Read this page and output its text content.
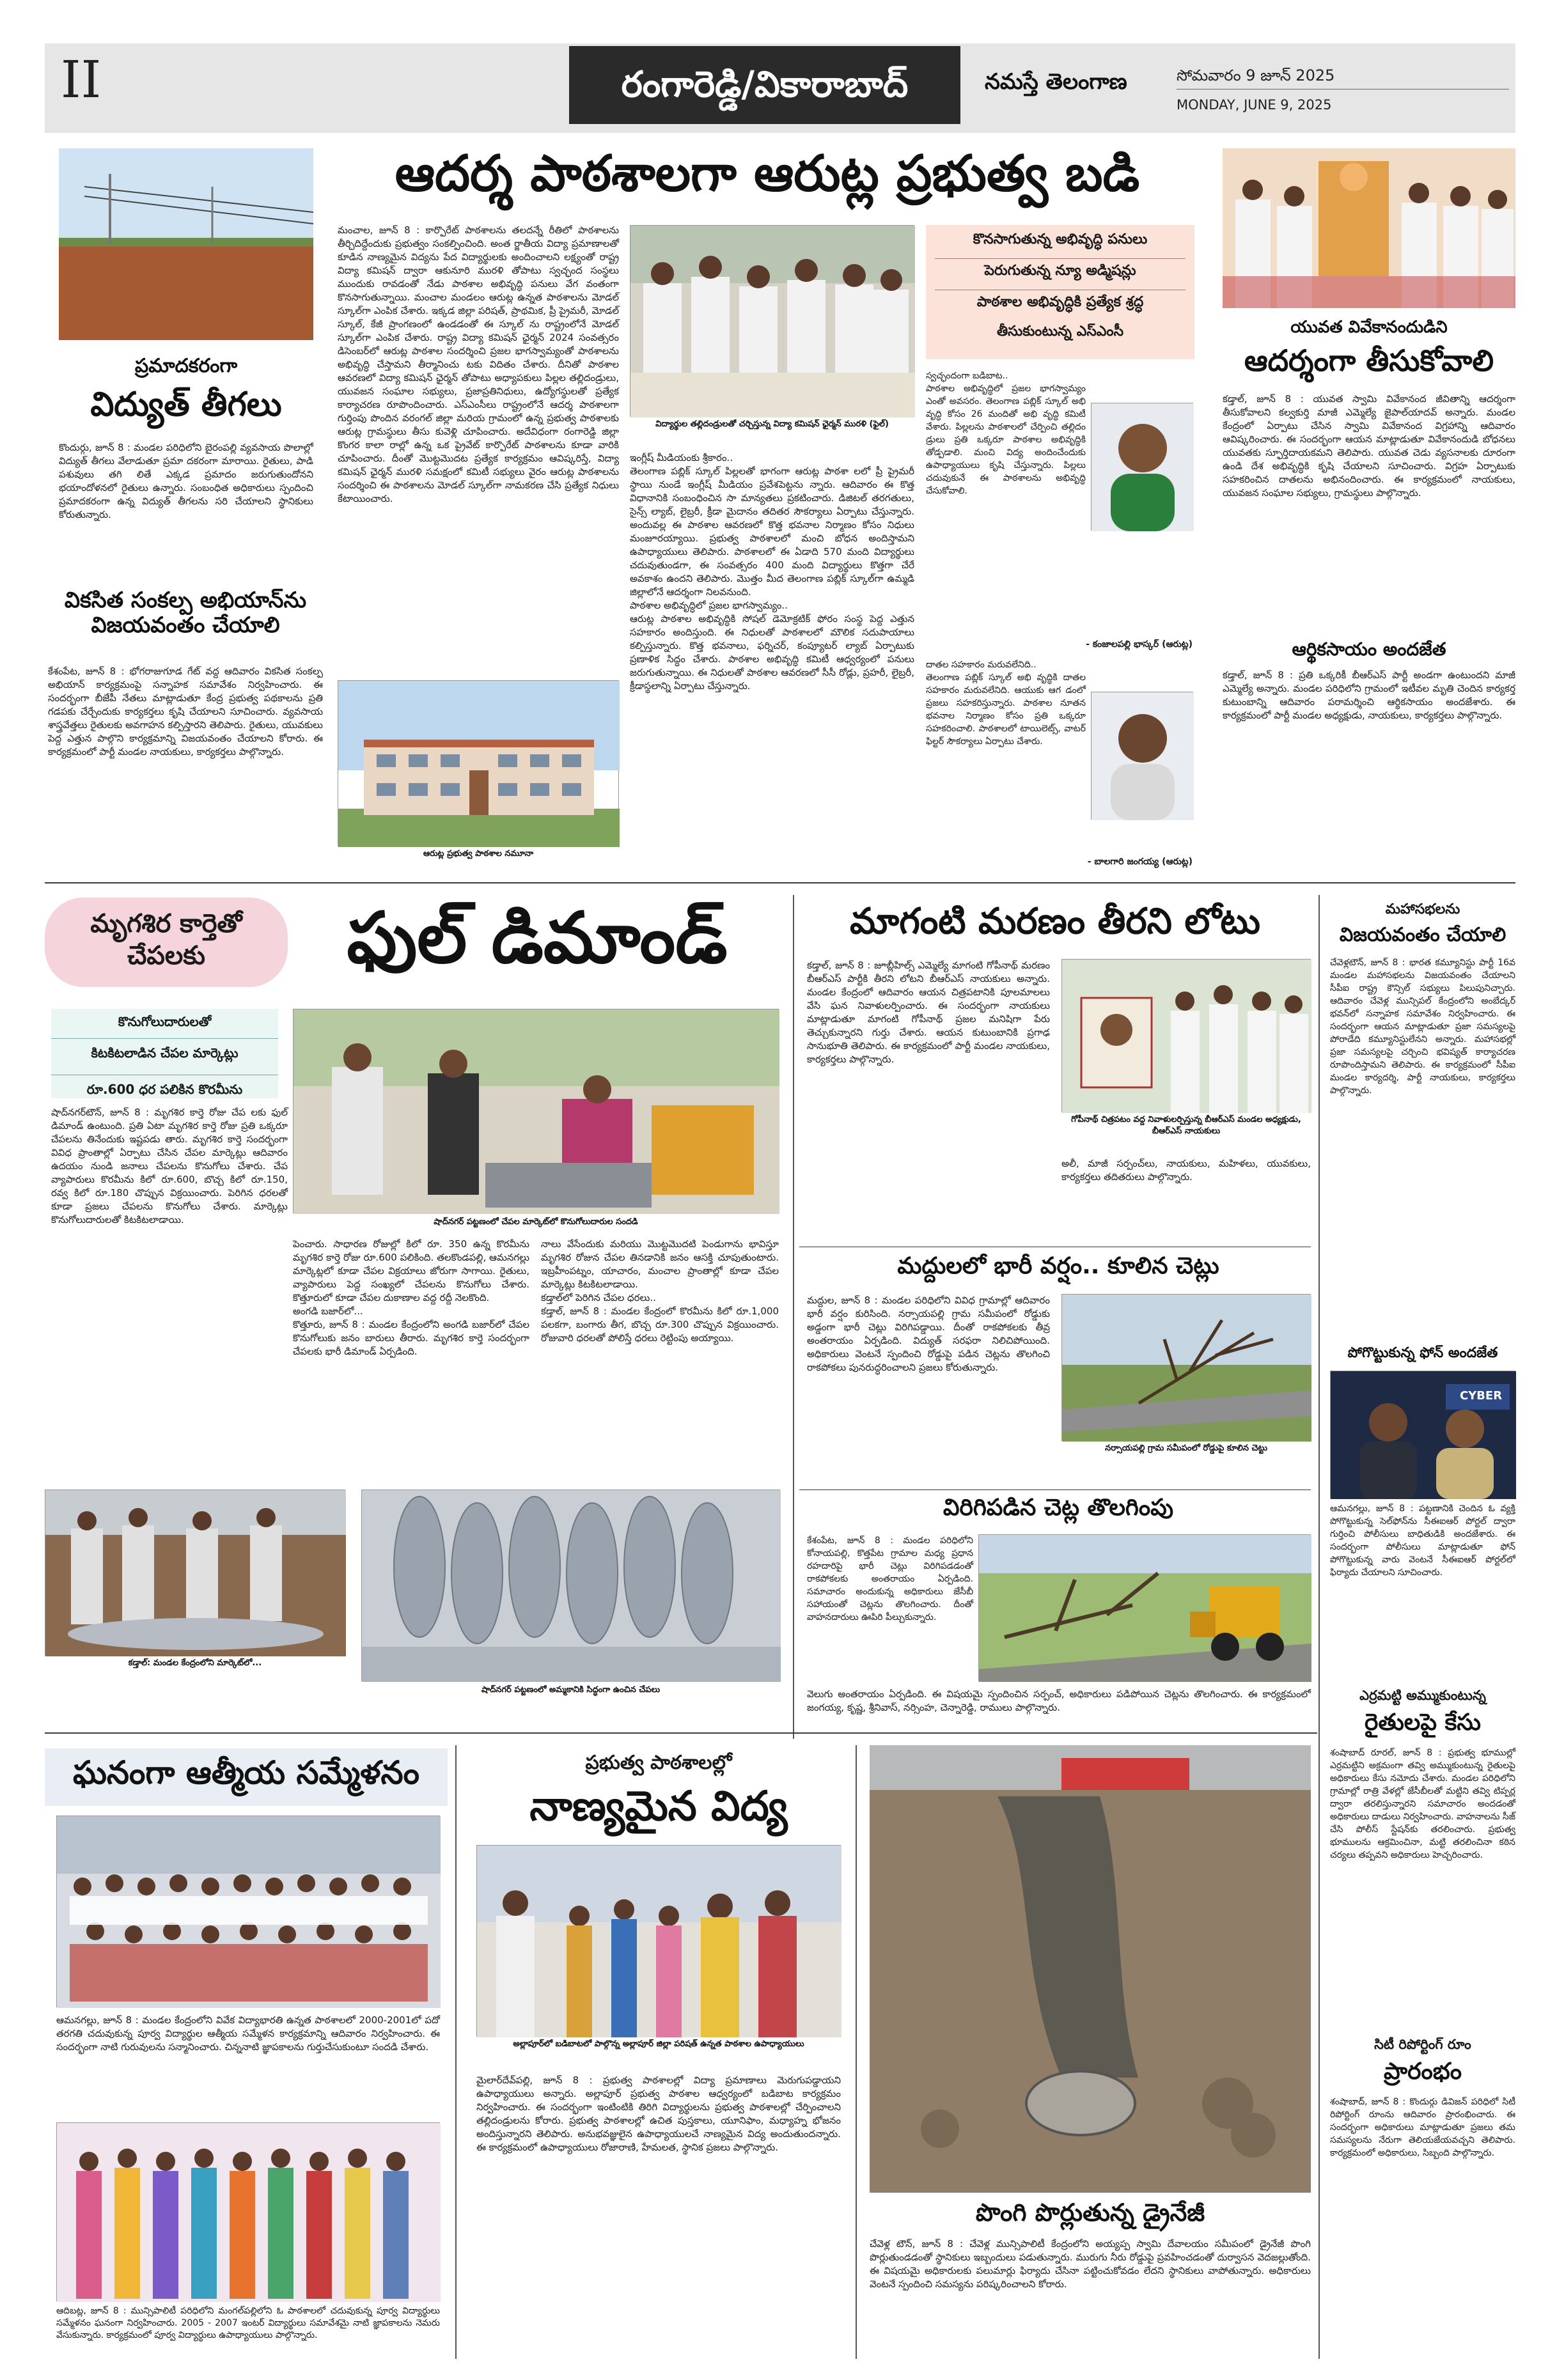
II	రంగారెడ్డి/వికారాబాద్	నమస్తే తెలంగాణ	సోమవారం 9 జూన్ 2025
MONDAY, JUNE 9, 2025
ప్రమాదకరంగా
విద్యుత్ తీగలు
కొందుర్గు, జూన్ 8 : మండల పరిధిలోని బైరంపల్లి వ్యవసాయ పొలాల్లో విద్యుత్ తీగలు వేలాడుతూ ప్రమా దకరంగా మారాయి. రైతులు, పాడి పశువులు తగి లితే ఎక్కడ ప్రమాదం జరుగుతుందోనని భయాందోళనలో రైతులు ఉన్నారు. సంబంధిత అధికారులు స్పందించి ప్రమాదకరంగా ఉన్న విద్యుత్ తీగలను సరి చేయాలని స్థానికులు కోరుతున్నారు.
వికసిత సంకల్ప అభియాన్‌ను విజయవంతం చేయాలి
కేశంపేట, జూన్ 8 : భోగరాజుగూడ గేట్ వద్ద ఆదివారం వికసిత సంకల్ప అభియాన్ కార్యక్రమంపై సన్నాహక సమావేశం నిర్వహించారు. ఈ సందర్భంగా బీజేపీ నేతలు మాట్లాడుతూ కేంద్ర ప్రభుత్వ పథకాలను ప్రతి గడపకు చేర్చేందుకు కార్యకర్తలు కృషి చేయాలని సూచించారు. వ్యవసాయ శాస్త్రవేత్తలు రైతులకు అవగాహన కల్పిస్తారని తెలిపారు. రైతులు, యువకులు పెద్ద ఎత్తున పాల్గొని కార్యక్రమాన్ని విజయవంతం చేయాలని కోరారు. ఈ కార్యక్రమంలో పార్టీ మండల నాయకులు, కార్యకర్తలు పాల్గొన్నారు.
ఆదర్శ పాఠశాలగా ఆరుట్ల ప్రభుత్వ బడి
మంచాల, జూన్ 8 : కార్పొరేట్ పాఠశాలను తలదన్నే రీతిలో పాఠశాలను తీర్చిదిద్దేందుకు ప్రభుత్వం సంకల్పించింది. అంత ర్జాతీయ విద్యా ప్రమాణాలతో కూడిన నాణ్యమైన విద్యను పేద విద్యార్థులకు అందించాలని లక్ష్యంతో రాష్ట్ర విద్యా కమిషన్ ద్వారా ఆకునూరి మురళి తోపాటు స్వచ్ఛంద సంస్థలు ముందుకు రావడంతో నేడు పాఠశాల అభివృద్ధి పనులు వేగ వంతంగా కొనసాగుతున్నాయి. మంచాల మండలం ఆరుట్ల ఉన్నత పాఠశాలను మోడల్ స్కూల్‌గా ఎంపిక చేశారు. ఇక్కడ జిల్లా పరిషత్, ప్రాథమిక, ప్రీ ప్రైమరీ, మోడల్ స్కూల్, కేజీ ప్రాంగణంలో ఉండడంతో ఈ స్కూల్ ను రాష్ట్రంలోనే మోడల్ స్కూల్‌గా ఎంపిక చేశారు. రాష్ట్ర విద్యా కమిషన్ ఛైర్మన్ 2024 సంవత్సరం డిసెంబర్‌లో ఆరుట్ల పాఠశాల సందర్శించి ప్రజల భాగస్వామ్యంతో పాఠశాలను అభివృద్ధి చేస్తామని తీర్మానించు టకు విదితం చేశారు. దీనితో పాఠశాల ఆవరణలో విద్యా కమిషన్ ఛైర్మన్ తోపాటు అధ్యాపకులు పిల్లల తల్లిదండ్రులు, యువజన సంఘాల సభ్యులు, ప్రజాప్రతినిధులు, ఉద్యోగస్థులతో ప్రత్యేక కార్యాచరణ రూపొందించారు. ఎస్‌ఎంసీలు రాష్ట్రంలోనే ఆదర్శ పాఠశాలగా గుర్తింపు పొందిన వరంగల్ జిల్లా మరియ గ్రామంలో ఉన్న ప్రభుత్వ పాఠశాలకు ఆరుట్ల గ్రామస్థులు తీసు కువెళ్లి చూపించారు. అదేవిధంగా రంగారెడ్డి జిల్లా కొంగర కాలా రాల్లో ఉన్న ఒక ప్రైవేట్ కార్పొరేట్ పాఠశాలను కూడా వారికి చూపించారు. దీంతో మొట్టమొదట ప్రత్యేక కార్యక్రమం ఆవిష్కరిస్తే, విద్యా కమిషన్ ఛైర్మన్ మురళి సమక్షంలో కమిటీ సభ్యులు వైరం ఆరుట్ల పాఠశాలను సందర్శించి ఈ పాఠశాలను మోడల్ స్కూల్‌గా నామకరణ చేసి ప్రత్యేక నిధులు కేటాయించారు.
విద్యార్థుల తల్లిదండ్రులతో చర్చిస్తున్న విద్యా కమిషన్ ఛైర్మన్ మురళి (ఫైల్)
ఇంగ్లీష్ మీడియంకు శ్రీకారం..
తెలంగాణ పబ్లిక్ స్కూల్ పిల్లలతో భాగంగా ఆరుట్ల పాఠశా లలో ప్రీ ప్రైమరీ స్థాయి నుండే ఇంగ్లీష్ మీడియం ప్రవేశపెట్టను న్నారు. ఆదివారం ఈ కొత్త విధానానికి సంబంధించిన సా మాన్యతలు ప్రకటించారు. డిజిటల్ తరగతులు, సైన్స్ ల్యాబ్, లైబ్రరీ, క్రీడా మైదానం తదితర సౌకర్యాలు ఏర్పాటు చేస్తున్నారు. అందువల్ల ఈ పాఠశాల ఆవరణలో కొత్త భవనాల నిర్మాణం కోసం నిధులు మంజూరయ్యాయి. ప్రభుత్వ పాఠశాలలో మంచి బోధన అందిస్తామని ఉపాధ్యాయులు తెలిపారు. పాఠశాలలో ఈ ఏడాది 570 మంది విద్యార్థులు చదువుతుండగా, ఈ సంవత్సరం 400 మంది విద్యార్థులు కొత్తగా చేరే అవకాశం ఉందని తెలిపారు. మొత్తం మీద తెలంగాణ పబ్లిక్ స్కూల్‌గా ఉమ్మడి జిల్లాలోనే ఆదర్శంగా నిలవనుంది.
పాఠశాల అభివృద్ధిలో ప్రజల భాగస్వామ్యం..
ఆరుట్ల పాఠశాల అభివృద్ధికి సోషల్ డెమోక్రటిక్ ఫోరం సంస్థ పెద్ద ఎత్తున సహకారం అందిస్తుంది. ఈ నిధులతో పాఠశాలలో మౌలిక సదుపాయాలు కల్పిస్తున్నారు. కొత్త భవనాలు, ఫర్నిచర్, కంప్యూటర్ ల్యాబ్ ఏర్పాటుకు ప్రణాళిక సిద్ధం చేశారు. పాఠశాల అభివృద్ధి కమిటీ ఆధ్వర్యంలో పనులు జరుగుతున్నాయి. ఈ నిధులతో పాఠశాల ఆవరణలో సీసీ రోడ్లు, ప్రహరీ, లైబ్రరీ, క్రీడాస్థలాన్ని ఏర్పాటు చేస్తున్నారు.
ఆరుట్ల ప్రభుత్వ పాఠశాల నమూనా
కొనసాగుతున్న అభివృద్ధి పనులు
పెరుగుతున్న న్యూ అడ్మిషన్లు
పాఠశాల అభివృద్ధికి ప్రత్యేక శ్రద్ధ
తీసుకుంటున్న ఎస్ఎంసీ
స్వచ్ఛందంగా బడిబాట..
పాఠశాల అభివృద్ధిలో ప్రజల భాగస్వామ్యం ఎంతో అవసరం. తెలంగాణ పబ్లిక్ స్కూల్ అభి వృద్ధి కోసం 26 మందితో అభి వృద్ధి కమిటీ వేశారు. పిల్లలను పాఠశాలలో చేర్పించి తల్లిదం డ్రులు ప్రతి ఒక్కరూ పాఠశాల అభివృద్ధికి తోడ్పడాలి. మంచి విద్య అందించేందుకు ఉపాధ్యాయులు కృషి చేస్తున్నారు. పిల్లలు చదువుకునే ఈ పాఠశాలను అభివృద్ధి చేసుకోవాలి.
- కంజాలపల్లి భాస్కర్ (ఆరుట్ల)
దాతల సహకారం మరువలేనిది..
తెలంగాణ పబ్లిక్ స్కూల్ అభి వృద్ధికి దాతల సహకారం మరువలేనిది. ఆయుకు ఆగ డంలో ప్రజలు సహకరిస్తున్నారు. పాఠశాల నూతన భవనాల నిర్మాణం కోసం ప్రతి ఒక్కరూ సహకరించాలి. పాఠశాలలో టాయిలెట్స్, వాటర్ ఫిల్టర్ సౌకర్యాలు ఏర్పాటు చేశారు.
- బాలగారి జంగయ్య (ఆరుట్ల)
యువత వివేకానందుడిని
ఆదర్శంగా తీసుకోవాలి
కడ్తాల్, జూన్ 8 : యువత స్వామి వివేకానంద జీవితాన్ని ఆదర్శంగా తీసుకోవాలని కల్వకుర్తి మాజీ ఎమ్మెల్యే జైపాల్‌యాదవ్ అన్నారు. మండల కేంద్రంలో ఏర్పాటు చేసిన స్వామి వివేకానంద విగ్రహాన్ని ఆదివారం ఆవిష్కరించారు. ఈ సందర్భంగా ఆయన మాట్లాడుతూ వివేకానందుడి బోధనలు యువతకు స్ఫూర్తిదాయకమని తెలిపారు. యువత చెడు వ్యసనాలకు దూరంగా ఉండి దేశ అభివృద్ధికి కృషి చేయాలని సూచించారు. విగ్రహ ఏర్పాటుకు సహకరించిన దాతలను అభినందించారు. ఈ కార్యక్రమంలో నాయకులు, యువజన సంఘాల సభ్యులు, గ్రామస్థులు పాల్గొన్నారు.
ఆర్థికసాయం అందజేత
కడ్తాల్, జూన్ 8 : ప్రతి ఒక్కరికీ బీఆర్ఎస్ పార్టీ అండగా ఉంటుందని మాజీ ఎమ్మెల్యే అన్నారు. మండల పరిధిలోని గ్రామంలో ఇటీవల మృతి చెందిన కార్యకర్త కుటుంబాన్ని ఆదివారం పరామర్శించి ఆర్థికసాయం అందజేశారు. ఈ కార్యక్రమంలో పార్టీ మండల అధ్యక్షుడు, నాయకులు, కార్యకర్తలు పాల్గొన్నారు.
మృగశిర కార్తెతో చేపలకు	ఫుల్ డిమాండ్
కొనుగోలుదారులతో
కిటకిటలాడిన చేపల మార్కెట్లు
రూ.600 ధర పలికిన కొరమీను
షాద్‌నగర్ పట్టణంలో చేపల మార్కెట్‌లో కొనుగోలుదారుల సందడి
షాద్‌నగర్‌టౌన్, జూన్ 8 : మృగశిర కార్తె రోజు చేప లకు ఫుల్ డిమాండ్ ఉంటుంది. ప్రతి ఏటా మృగశిర కార్తె రోజు ప్రతి ఒక్కరూ చేపలను తినేందుకు ఇష్టపడు తారు. మృగశిర కార్తె సందర్భంగా వివిధ ప్రాంతాల్లో ఏర్పాటు చేసిన చేపల మార్కెట్లు ఆదివారం ఉదయం నుండి జనాలు చేపలను కొనుగోలు చేశారు. చేప వ్యాపారులు కొరమీను కిలో రూ.600, బొచ్చ కిలో రూ.150, రవ్వ కిలో రూ.180 చొప్పున విక్రయించారు. పెరిగిన ధరలతో కూడా ప్రజలు చేపలను కొనుగోలు చేశారు. మార్కెట్లు కొనుగోలుదారులతో కిటకిటలాడాయి.
పెంచారు. సాధారణ రోజుల్లో కిలో రూ. 350 ఉన్న కొరమీను మృగశిర కార్తె రోజు రూ.600 పలికింది. తలకొండపల్లి, ఆమనగల్లు మార్కెట్లలో కూడా చేపల విక్రయాలు జోరుగా సాగాయి. రైతులు, వ్యాపారులు పెద్ద సంఖ్యలో చేపలను కొనుగోలు చేశారు. కొత్తూరులో కూడా చేపల దుకాణాల వద్ద రద్దీ నెలకొంది.
అంగడి బజార్‌లో...
కొత్తూరు, జూన్ 8 : మండల కేంద్రంలోని అంగడి బజార్‌లో చేపల కొనుగోలుకు జనం బారులు తీరారు. మృగశిర కార్తె సందర్భంగా చేపలకు భారీ డిమాండ్ ఏర్పడింది.
నాలు వేసేందుకు మరియు మొట్టమొదటి పెండుగాను భావిస్తూ మృగశిర రోజున చేపల తినడానికి జనం ఆసక్తి చూపుతుంటారు. ఇబ్రహీంపట్నం, యాచారం, మంచాల ప్రాంతాల్లో కూడా చేపల మార్కెట్లు కిటకిటలాడాయి.
కడ్తాల్‌లో పెరిగిన చేపల ధరలు..
కడ్తాల్, జూన్ 8 : మండల కేంద్రంలో కొరమీను కిలో రూ.1,000 పలకగా, బంగారు తీగ, బొచ్చ రూ.300 చొప్పున విక్రయించారు. రోజువారి ధరలతో పోలిస్తే ధరలు రెట్టింపు అయ్యాయి.
కడ్తాల్: మండల కేంద్రంలోని మార్కెట్‌లో...
షాద్‌నగర్ పట్టణంలో అమ్మకానికి సిద్ధంగా ఉంచిన చేపలు
మాగంటి మరణం తీరని లోటు
కడ్తాల్, జూన్ 8 : జూబ్లీహిల్స్ ఎమ్మెల్యే మాగంటి గోపీనాథ్ మరణం బీఆర్ఎస్ పార్టీకి తీరని లోటని బీఆర్ఎస్ నాయకులు అన్నారు. మండల కేంద్రంలో ఆదివారం ఆయన చిత్రపటానికి పూలమాలలు వేసి ఘన నివాళులర్పించారు. ఈ సందర్భంగా నాయకులు మాట్లాడుతూ మాగంటి గోపీనాథ్ ప్రజల మనిషిగా పేరు తెచ్చుకున్నారని గుర్తు చేశారు. ఆయన కుటుంబానికి ప్రగాఢ సానుభూతి తెలిపారు. ఈ కార్యక్రమంలో పార్టీ మండల నాయకులు, కార్యకర్తలు పాల్గొన్నారు.
గోపీనాథ్ చిత్రపటం వద్ద నివాళులర్పిస్తున్న బీఆర్ఎస్ మండల అధ్యక్షుడు, బీఆర్ఎస్ నాయకులు
అలీ, మాజీ సర్పంచ్‌లు, నాయకులు, మహిళలు, యువకులు, కార్యకర్తలు తదితరులు పాల్గొన్నారు.
మద్దులలో భారీ వర్షం.. కూలిన చెట్లు
మద్దుల, జూన్ 8 : మండల పరిధిలోని వివిధ గ్రామాల్లో ఆదివారం భారీ వర్షం కురిసింది. నర్సాయపల్లి గ్రామ సమీపంలో రోడ్డుకు అడ్డంగా భారీ చెట్లు విరిగిపడ్డాయి. దీంతో రాకపోకలకు తీవ్ర అంతరాయం ఏర్పడింది. విద్యుత్ సరఫరా నిలిచిపోయింది. అధికారులు వెంటనే స్పందించి రోడ్డుపై పడిన చెట్లను తొలగించి రాకపోకలు పునరుద్ధరించాలని ప్రజలు కోరుతున్నారు.
నర్సాయపల్లి గ్రామ సమీపంలో రోడ్డుపై కూలిన చెట్టు
విరిగిపడిన చెట్ల తొలగింపు
కేశంపేట, జూన్ 8 : మండల పరిధిలోని కోనాయపల్లి, కొత్తపేట గ్రామాల మధ్య ప్రధాన రహదారిపై భారీ చెట్లు విరిగిపడడంతో రాకపోకలకు అంతరాయం ఏర్పడింది. సమాచారం అందుకున్న అధికారులు జేసీబీ సహాయంతో చెట్లను తొలగించారు. దీంతో వాహనదారులు ఊపిరి పీల్చుకున్నారు.
వెలుగు అంతరాయం ఏర్పడింది. ఈ విషయమై స్పందించిన సర్పంచ్, అధికారులు పడిపోయిన చెట్లను తొలగించారు. ఈ కార్యక్రమంలో జంగయ్య, కృష్ణ, శ్రీనివాస్, నర్సింహ, చెన్నారెడ్డి, రాములు పాల్గొన్నారు.
మహాసభలను
విజయవంతం చేయాలి
చేవెళ్లటౌన్, జూన్ 8 : భారత కమ్యూనిస్టు పార్టీ 16వ మండల మహాసభలను విజయవంతం చేయాలని సీపీఐ రాష్ట్ర కౌన్సిల్ సభ్యులు పిలుపునిచ్చారు. ఆదివారం చేవెళ్ల మున్సిపల్ కేంద్రంలోని అంబేద్కర్ భవన్‌లో సన్నాహక సమావేశం నిర్వహించారు. ఈ సందర్భంగా ఆయన మాట్లాడుతూ ప్రజా సమస్యలపై పోరాడేది కమ్యూనిస్టులేనని అన్నారు. మహాసభల్లో ప్రజా సమస్యలపై చర్చించి భవిష్యత్ కార్యాచరణ రూపొందిస్తామని తెలిపారు. ఈ కార్యక్రమంలో సీపీఐ మండల కార్యదర్శి, పార్టీ నాయకులు, కార్యకర్తలు పాల్గొన్నారు.
పోగొట్టుకున్న ఫోన్ అందజేత
CYBER
ఆమనగల్లు, జూన్ 8 : పట్టణానికి చెందిన ఓ వ్యక్తి పోగొట్టుకున్న సెల్‌ఫోన్‌ను సీఈఐఆర్ పోర్టల్ ద్వారా గుర్తించి పోలీసులు బాధితుడికి అందజేశారు. ఈ సందర్భంగా పోలీసులు మాట్లాడుతూ ఫోన్ పోగొట్టుకున్న వారు వెంటనే సీఈఐఆర్ పోర్టల్‌లో ఫిర్యాదు చేయాలని సూచించారు.
ఎర్రమట్టి అమ్ముకుంటున్న
రైతులపై కేసు
శంషాబాద్ రూరల్, జూన్ 8 : ప్రభుత్వ భూముల్లో ఎర్రమట్టిని అక్రమంగా తవ్వి అమ్ముకుంటున్న రైతులపై అధికారులు కేసు నమోదు చేశారు. మండల పరిధిలోని గ్రామాల్లో రాత్రి వేళల్లో జేసీబీలతో మట్టిని తవ్వి టిప్పర్ల ద్వారా తరలిస్తున్నారని సమాచారం అందడంతో అధికారులు దాడులు నిర్వహించారు. వాహనాలను సీజ్ చేసి పోలీస్ స్టేషన్‌కు తరలించారు. ప్రభుత్వ భూములను ఆక్రమించినా, మట్టి తరలించినా కఠిన చర్యలు తప్పవని అధికారులు హెచ్చరించారు.
సిటీ రిపోర్టింగ్ రూం
ప్రారంభం
శంషాబాద్, జూన్ 8 : కొందుర్గు డివిజన్ పరిధిలో సిటీ రిపోర్టింగ్ రూంను ఆదివారం ప్రారంభించారు. ఈ సందర్భంగా అధికారులు మాట్లాడుతూ ప్రజలు తమ సమస్యలను నేరుగా తెలియజేయవచ్చని తెలిపారు. కార్యక్రమంలో అధికారులు, సిబ్బంది పాల్గొన్నారు.
ఘనంగా ఆత్మీయ సమ్మేళనం
ఆమనగల్లు, జూన్ 8 : మండల కేంద్రంలోని వివేక విద్యాభారతి ఉన్నత పాఠశాలలో 2000-2001లో పదో తరగతి చదువుకున్న పూర్వ విద్యార్థుల ఆత్మీయ సమ్మేళన కార్యక్రమాన్ని ఆదివారం నిర్వహించారు. ఈ సందర్భంగా నాటి గురువులను సన్మానించారు. చిన్ననాటి జ్ఞాపకాలను గుర్తుచేసుకుంటూ సందడి చేశారు.
ఆదిబట్ల, జూన్ 8 : మున్సిపాలిటీ పరిధిలోని మంగల్‌పల్లిలోని ఓ పాఠశాలలో చదువుకున్న పూర్వ విద్యార్థులు సమ్మేళనం ఘనంగా నిర్వహించారు. 2005 - 2007 ఇంటర్ విద్యార్థులు సమావేశమై నాటి జ్ఞాపకాలను నెమరు వేసుకున్నారు. కార్యక్రమంలో పూర్వ విద్యార్థులు ఉపాధ్యాయులు పాల్గొన్నారు.
ప్రభుత్వ పాఠశాలల్లో
నాణ్యమైన విద్య
అల్లాపూర్‌లో బడిబాటలో పాల్గొన్న అల్లాపూర్ జిల్లా పరిషత్ ఉన్నత పాఠశాల ఉపాధ్యాయులు
మైలార్‌దేవ్‌పల్లి, జూన్ 8 : ప్రభుత్వ పాఠశాలల్లో విద్యా ప్రమాణాలు మెరుగుపడ్డాయని ఉపాధ్యాయులు అన్నారు. అల్లాపూర్ ప్రభుత్వ పాఠశాల ఆధ్వర్యంలో బడిబాట కార్యక్రమం నిర్వహించారు. ఈ సందర్భంగా ఇంటింటికి తిరిగి విద్యార్థులను ప్రభుత్వ పాఠశాలల్లో చేర్పించాలని తల్లిదండ్రులను కోరారు. ప్రభుత్వ పాఠశాలల్లో ఉచిత పుస్తకాలు, యూనిఫాం, మధ్యాహ్న భోజనం అందిస్తున్నారని తెలిపారు. అనుభవజ్ఞులైన ఉపాధ్యాయులచే నాణ్యమైన విద్య అందుతుందన్నారు. ఈ కార్యక్రమంలో ఉపాధ్యాయులు రోజారాణి, హేమలత, స్థానిక ప్రజలు పాల్గొన్నారు.
పొంగి పొర్లుతున్న డ్రైనేజీ
చేవెళ్ల టౌన్, జూన్ 8 : చేవెళ్ల మున్సిపాలిటీ కేంద్రంలోని అయ్యప్ప స్వామి దేవాలయం సమీపంలో డ్రైనేజీ పొంగి పొర్లుతుండడంతో స్థానికులు ఇబ్బందులు పడుతున్నారు. మురుగు నీరు రోడ్డుపై ప్రవహించడంతో దుర్వాసన వెదజల్లుతోంది. ఈ విషయమై అధికారులకు పలుమార్లు ఫిర్యాదు చేసినా పట్టించుకోవడం లేదని స్థానికులు వాపోతున్నారు. అధికారులు వెంటనే స్పందించి సమస్యను పరిష్కరించాలని కోరారు.
